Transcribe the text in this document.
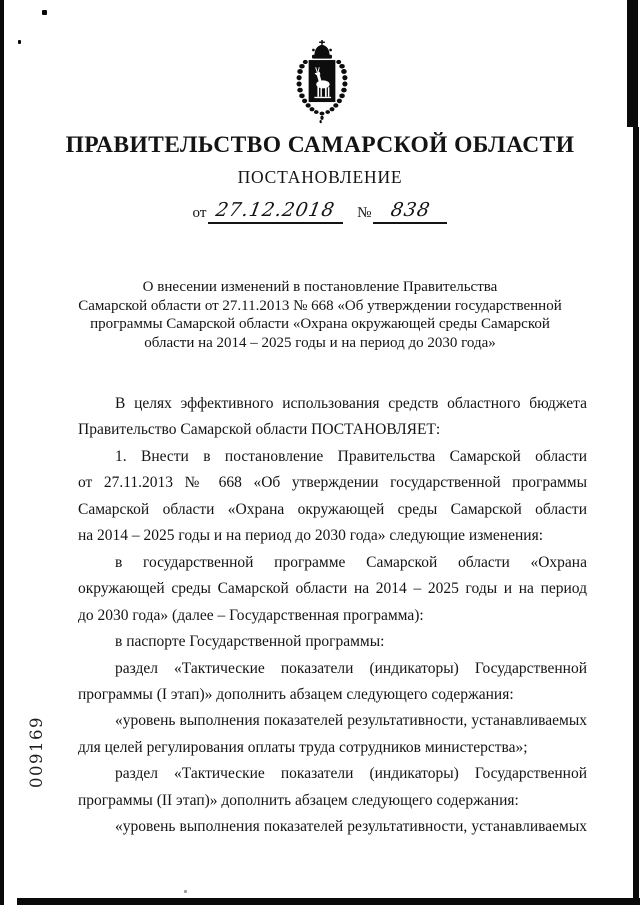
ПРАВИТЕЛЬСТВО САМАРСКОЙ ОБЛАСТИ
ПОСТАНОВЛЕНИЕ
от 27.12.2018	№ 838
О внесении изменений в постановление Правительства
Самарской области от 27.11.2013 № 668 «Об утверждении государственной
программы Самарской области «Охрана окружающей среды Самарской
области на 2014 – 2025 годы и на период до 2030 года»
В целях эффективного использования средств областного бюджета
Правительство Самарской области ПОСТАНОВЛЯЕТ:
1. Внести в постановление Правительства Самарской области
от 27.11.2013 № 668 «Об утверждении государственной программы
Самарской области «Охрана окружающей среды Самарской области
на 2014 – 2025 годы и на период до 2030 года» следующие изменения:
в государственной программе Самарской области «Охрана
окружающей среды Самарской области на 2014 – 2025 годы и на период
до 2030 года» (далее – Государственная программа):
в паспорте Государственной программы:
раздел «Тактические показатели (индикаторы) Государственной
программы (I этап)» дополнить абзацем следующего содержания:
«уровень выполнения показателей результативности, устанавливаемых
для целей регулирования оплаты труда сотрудников министерства»;
раздел «Тактические показатели (индикаторы) Государственной
программы (II этап)» дополнить абзацем следующего содержания:
«уровень выполнения показателей результативности, устанавливаемых
009169
